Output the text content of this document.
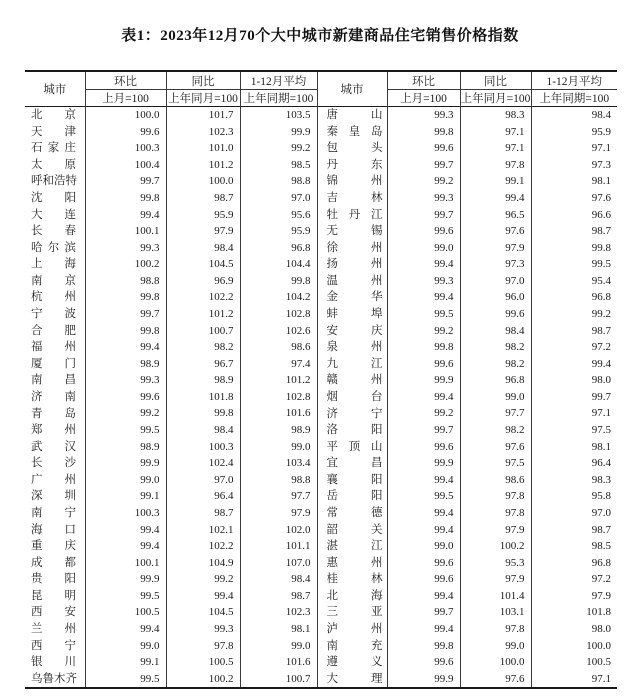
表1：2023年12月70个大中城市新建商品住宅销售价格指数
城市	环比	同比	1-12月平均	城市	环比	同比	1-12月平均
	上月=100	上年同月=100	上年同期=100		上月=100	上年同月=100	上年同期=100

北 京	100.0	101.7	103.5	唐 山	99.3	98.3	98.4

天 津	99.6	102.3	99.9	秦 皇 岛	99.8	97.1	95.9

石 家 庄	100.3	101.0	99.2	包 头	99.6	97.1	97.1

太 原	100.4	101.2	98.5	丹 东	99.7	97.8	97.3

呼 和 浩 特	99.7	100.0	98.8	锦 州	99.2	99.1	98.1

沈 阳	99.8	98.7	97.0	吉 林	99.3	99.4	97.6

大 连	99.4	95.9	95.6	牡 丹 江	99.7	96.5	96.6

长 春	100.1	97.9	95.9	无 锡	99.6	97.6	98.7

哈 尔 滨	99.3	98.4	96.8	徐 州	99.0	97.9	99.8

上 海	100.2	104.5	104.4	扬 州	99.4	97.3	99.5

南 京	98.8	96.9	99.8	温 州	99.3	97.0	95.4

杭 州	99.8	102.2	104.2	金 华	99.4	96.0	96.8

宁 波	99.7	101.2	102.8	蚌 埠	99.5	99.6	99.2

合 肥	99.8	100.7	102.6	安 庆	99.2	98.4	98.7

福 州	99.4	98.2	98.6	泉 州	99.8	98.2	97.2

厦 门	98.9	96.7	97.4	九 江	99.6	98.2	99.4

南 昌	99.3	98.9	101.2	赣 州	99.9	96.8	98.0

济 南	99.6	101.8	102.8	烟 台	99.4	99.0	99.7

青 岛	99.2	99.8	101.6	济 宁	99.2	97.7	97.1

郑 州	99.5	98.4	98.9	洛 阳	99.7	98.2	97.5

武 汉	98.9	100.3	99.0	平 顶 山	99.6	97.6	98.1

长 沙	99.9	102.4	103.4	宜 昌	99.9	97.5	96.4

广 州	99.0	97.0	98.8	襄 阳	99.4	98.6	98.3

深 圳	99.1	96.4	97.7	岳 阳	99.5	97.8	95.8

南 宁	100.3	98.7	97.9	常 德	99.4	97.8	97.0

海 口	99.4	102.1	102.0	韶 关	99.4	97.9	98.7

重 庆	99.4	102.2	101.1	湛 江	99.0	100.2	98.5

成 都	100.1	104.9	107.0	惠 州	99.6	95.3	96.8

贵 阳	99.9	99.2	98.4	桂 林	99.6	97.9	97.2

昆 明	99.5	99.4	98.7	北 海	99.4	101.4	97.9

西 安	100.5	104.5	102.3	三 亚	99.7	103.1	101.8

兰 州	99.4	99.3	98.1	泸 州	99.4	97.8	98.0

西 宁	99.0	97.8	99.0	南 充	99.8	99.0	100.0

银 川	99.1	100.5	101.6	遵 义	99.6	100.0	100.5

乌 鲁 木 齐	99.5	100.2	100.7	大 理	99.9	97.6	97.1
